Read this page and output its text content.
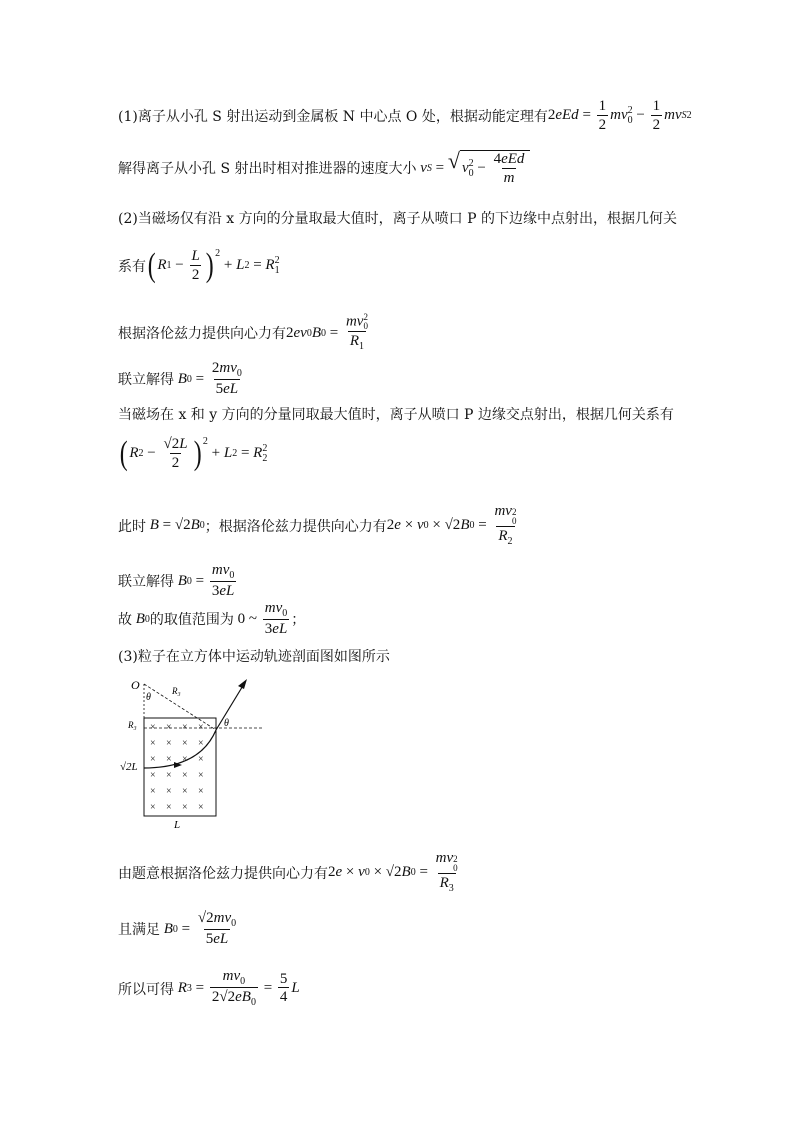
(1)离子从小孔 S 射出运动到金属板 N 中心点 O 处，根据动能定理有 2 eEd = $\frac{1}{2}$ mv 2
$0 - \frac{1}{2}$ mv S 2
解得离子从小孔 S 射出时相对推进器的速度大小
v S = √ v 2
$0 - \frac{\text{4eEd}}{m}$
(2)当磁场仅有沿 x 方向的分量取最大值时，离子从喷口 P 的下边缘中点射出，根据几何关
系有 ( R $1 - \frac{L}{2} )^2$
+ L 2 = R 2
1
根据洛伦兹力提供向心力有 2 ev 0 B 0 = mv 2
0
$R_1$
联立解得
B $0 = \frac{2mv_0}{5eL}$
当磁场在 x 和 y 方向的分量同取最大值时，离子从喷口 P 边缘交点射出，根据几何关系有
( R $2 - \frac{√2L}{2} )^2$
+ L 2 = R 2
2
此时
B = √2 B 0 ；根据洛伦兹力提供向心力有 2 e × v 0 × √2 B 0 = mv 2
0
$R_2$
联立解得
B $0 = \frac{mv_0}{3eL}$
故
B 0 的取值范围为 0 ~ $\frac{mv_0}{3eL}$ ；
(3)粒子在立方体中运动轨迹剖面图如图所示
× × × ×
× × × ×
× × × ×
× × × ×
× × × ×
× × × ×
O
θ
R₃
R₃	θ
√2L
L
由题意根据洛伦兹力提供向心力有 2 e × v 0 × √2 B 0 = mv 2
0
$R_3$
且满足
B $0 = \frac{√2mv_0}{5eL}$
所以可得
R $3 = \frac{mv_0}{2√2eB_0} = \frac{5}{4}$ L
